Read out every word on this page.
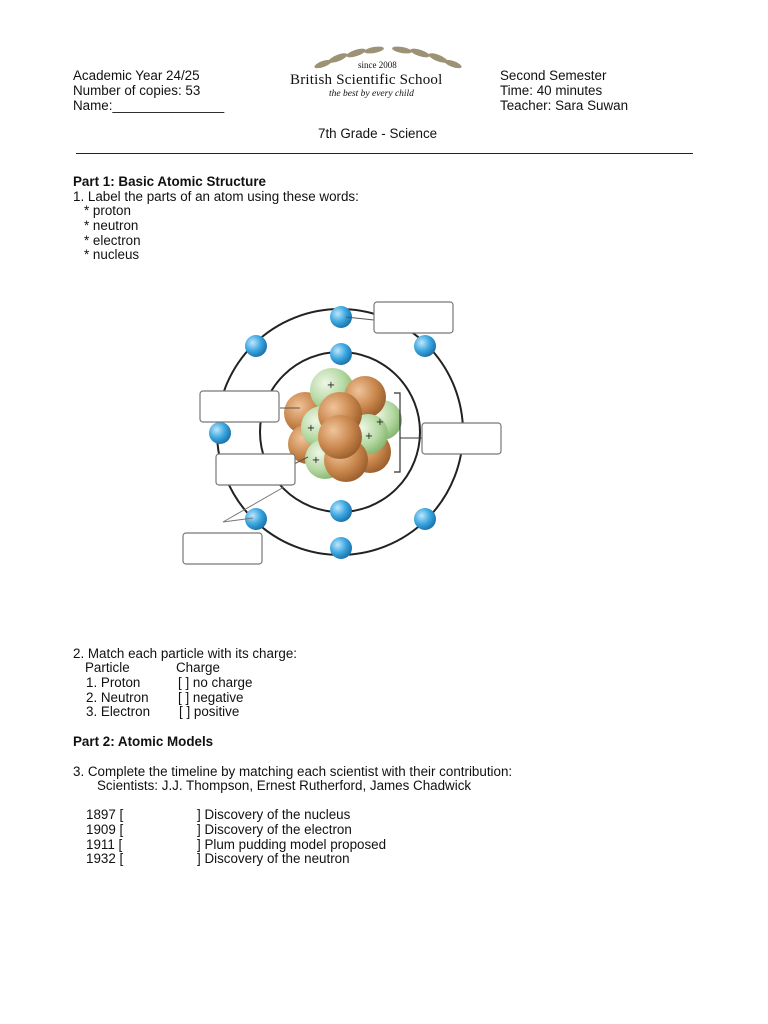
Academic Year 24/25
Number of copies: 53
Name:_______________
since 2008
British Scientific School
the best by every child
Second Semester
Time: 40 minutes
Teacher: Sara Suwan
7th Grade - Science
Part 1: Basic Atomic Structure
1. Label the parts of an atom using these words:
* proton
* neutron
* electron
* nucleus
+
+
+
+
+
2. Match each particle with its charge:
Particle	Charge
1. Proton	[ ] no charge
2. Neutron [ ] negative
3. Electron [ ] positive
Part 2: Atomic Models
3. Complete the timeline by matching each scientist with their contribution:
Scientists: J.J. Thompson, Ernest Rutherford, James Chadwick
1897 [	] Discovery of the nucleus
1909 [	] Discovery of the electron
1911 [	] Plum pudding model proposed
1932 [	] Discovery of the neutron
